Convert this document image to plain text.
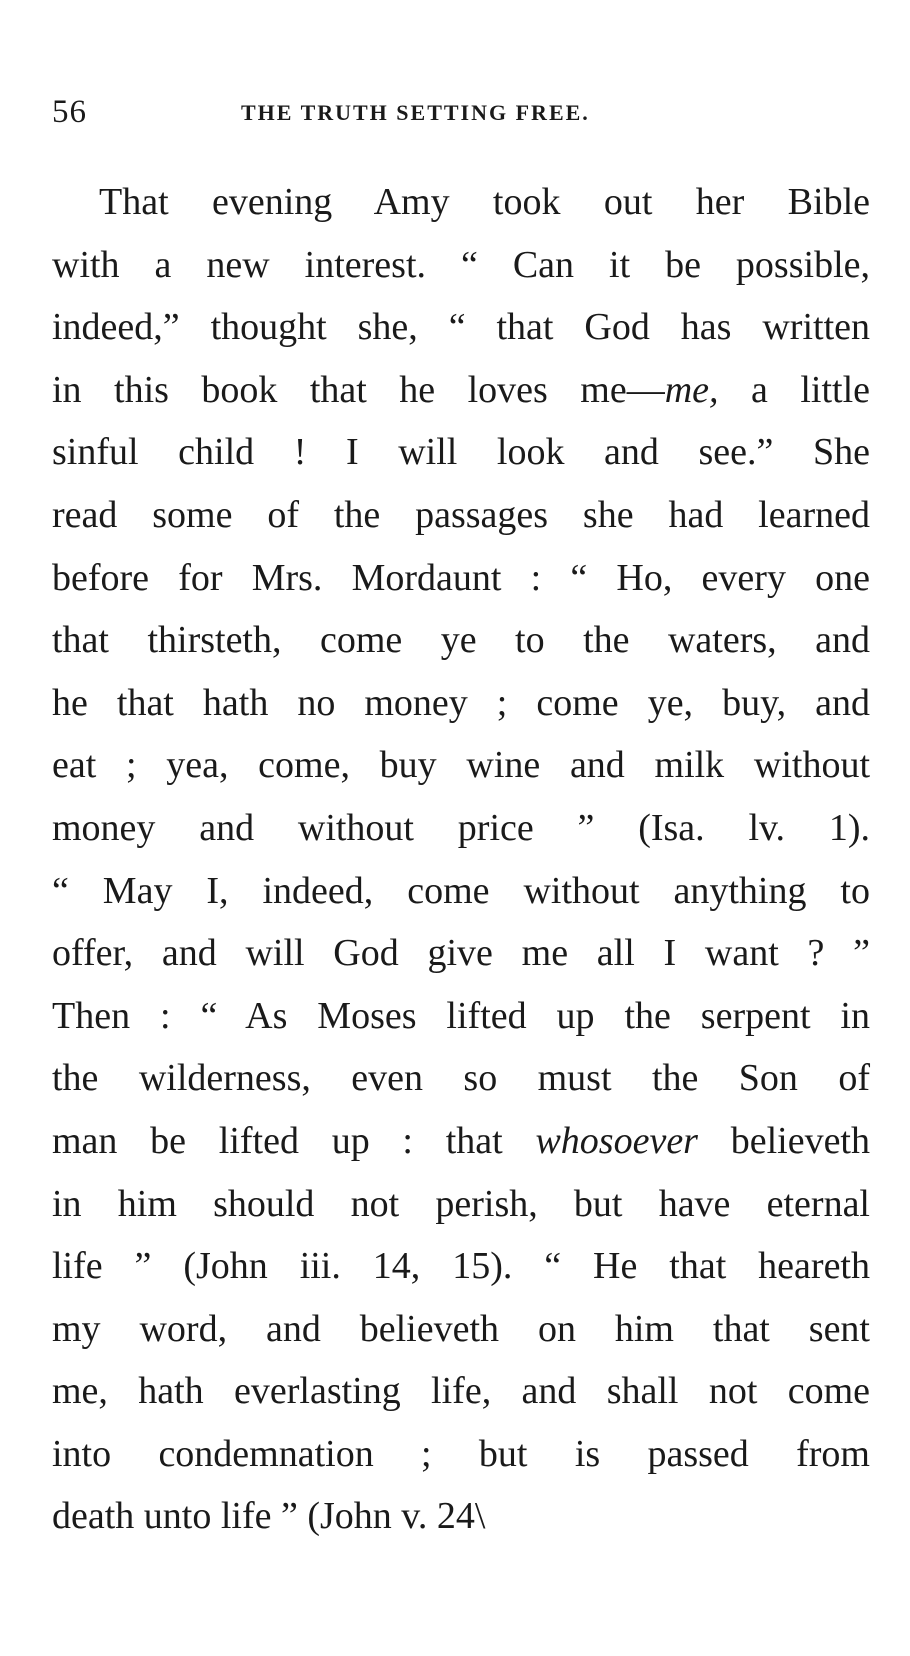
56	THE TRUTH SETTING FREE.
That evening Amy took out her Bible
with a new interest. “ Can it be possible,
indeed,” thought she, “ that God has written
in this book that he loves me—me, a little
sinful child ! I will look and see.” She
read some of the passages she had learned
before for Mrs. Mordaunt : “ Ho, every one
that thirsteth, come ye to the waters, and
he that hath no money ; come ye, buy, and
eat ; yea, come, buy wine and milk without
money and without price ” (Isa. lv. 1).
“ May I, indeed, come without anything to
offer, and will God give me all I want ? ”
Then : “ As Moses lifted up the serpent in
the wilderness, even so must the Son of
man be lifted up : that whosoever believeth
in him should not perish, but have eternal
life ” (John iii. 14, 15). “ He that heareth
my word, and believeth on him that sent
me, hath everlasting life, and shall not come
into condemnation ; but is passed from
death unto life ” (John v. 24\
